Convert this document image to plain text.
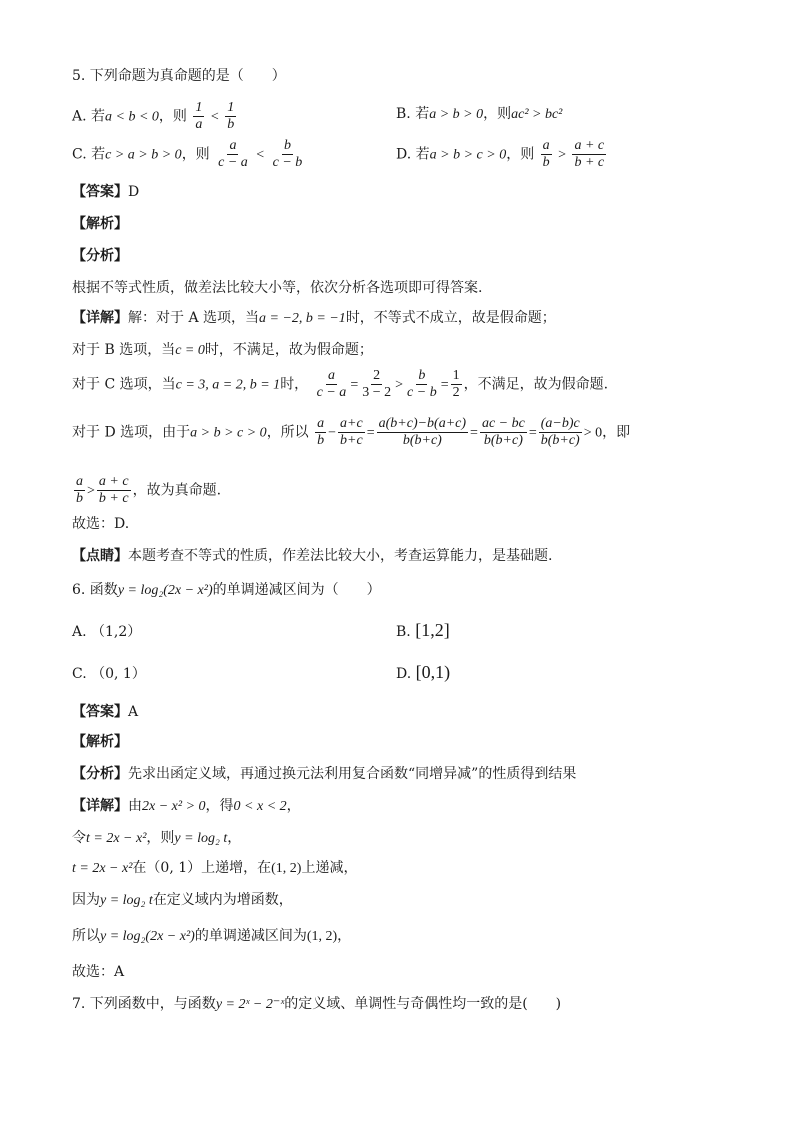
5. 下列命题为真命题的是（　　）
A. 若a < b < 0，则 $\frac{1}{a} < \frac{1}{b}$	B. 若a > b > 0，则ac² > bc²
C. 若c > a > b > 0，则 $\frac{a}{c - a} < \frac{b}{c - b}$	D. 若a > b > c > 0，则 $\frac{a}{b} > \frac{a + c}{b + c}$
【答案】D
【解析】
【分析】
根据不等式性质，做差法比较大小等，依次分析各选项即可得答案.
【详解】解：对于 A 选项，当a = −2, b = −1时，不等式不成立，故是假命题；
对于 B 选项，当c = 0时，不满足，故为假命题；
对于 C 选项，当c = 3, a = 2, b = 1时， $\frac{a}{c - a} = \frac{2}{3 - 2} > \frac{b}{c - b} = \frac{1}{2}$ ，不满足，故为假命题.
对于 D 选项，由于a > b > c > 0，所以 $\frac{a}{b} - \frac{a+c}{b+c} = \frac{a(b+c)-b(a+c)}{b(b+c)} = \frac{ac - bc}{b(b+c)} = \frac{(a-b)c}{b(b+c)} > 0$，即
$\frac{a}{b} > \frac{a + c}{b + c}$ ，故为真命题.
故选：D.
【点睛】本题考查不等式的性质，作差法比较大小，考查运算能力，是基础题.
6. 函数y = log₂(2x − x²)的单调递减区间为（　　）
A. （1,2）	B. [1,2]
C. （0, 1）	D. [0,1)
【答案】A
【解析】
【分析】先求出函定义域，再通过换元法利用复合函数“同增异减”的性质得到结果
【详解】由2x − x² > 0，得0 < x < 2，
令t = 2x − x²，则y = log₂ t，
t = 2x − x²在（0, 1）上递增，在(1, 2)上递减，
因为y = log₂ t在定义域内为增函数，
所以y = log₂(2x − x²)的单调递减区间为(1, 2)，
故选：A
7. 下列函数中，与函数y = 2ˣ − 2⁻ˣ的定义域、单调性与奇偶性均一致的是(　　)
